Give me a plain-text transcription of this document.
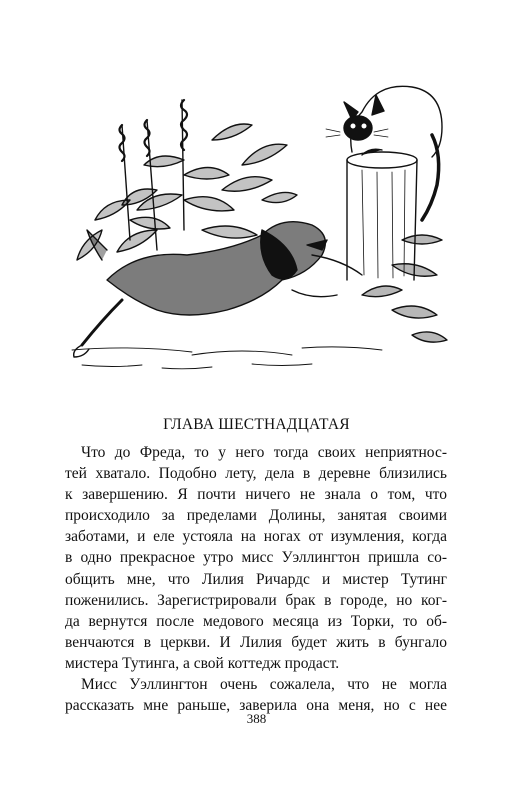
ГЛАВА ШЕСТНАДЦАТАЯ

Что до Фреда, то у него тогда своих неприятнос-
тей хватало. Подобно лету, дела в деревне близились
к завершению. Я почти ничего не знала о том, что
происходило за пределами Долины, занятая своими
заботами, и еле устояла на ногах от изумления, когда
в одно прекрасное утро мисс Уэллингтон пришла со-
общить мне, что Лилия Ричардс и мистер Тутинг
поженились. Зарегистрировали брак в городе, но ког-
да вернутся после медового месяца из Торки, то об-
венчаются в церкви. И Лилия будет жить в бунгало
мистера Тутинга, а свой коттедж продаст.

Мисс Уэллингтон очень сожалела, что не могла
рассказать мне раньше, заверила она меня, но с нее

388
